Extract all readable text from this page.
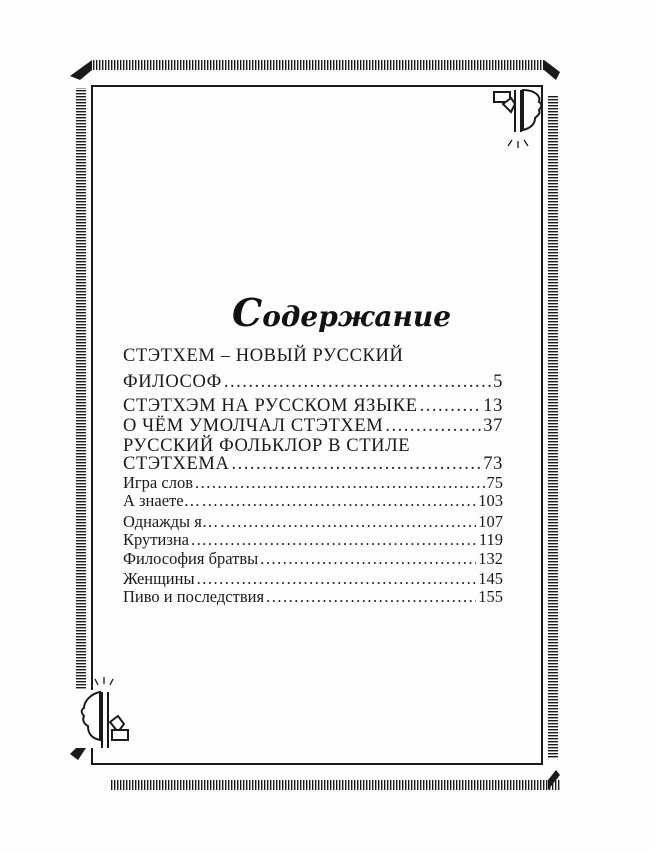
Содержание
СТЭТХЕМ – НОВЫЙ РУССКИЙ
ФИЛОСОФ .....	5
СТЭТХЭМ НА РУССКОМ ЯЗЫКЕ .....	13
О ЧЁМ УМОЛЧАЛ СТЭТХЕМ .....	37
РУССКИЙ ФОЛЬКЛОР В СТИЛЕ
СТЭТХЕМА .....	73
Игра слов .....	75
А знаете… .....	103
Однажды я… .....	107
Крутизна .....	119
Философия братвы .....	132
Женщины .....	145
Пиво и последствия .....	155
